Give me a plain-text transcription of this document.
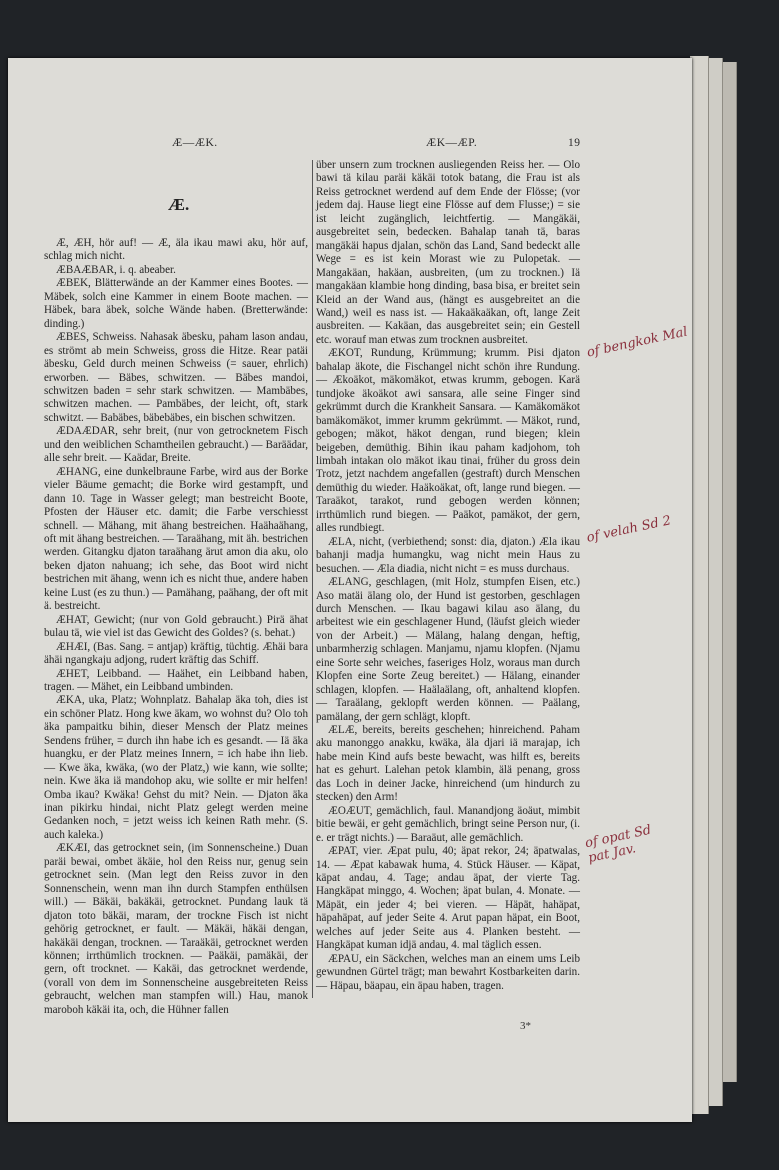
Æ—ÆK.	ÆK—ÆP.	19
Æ.

Æ, ÆH, hör auf! — Æ, äla ikau mawi aku, hör auf, schlag mich nicht.

ÆBAÆBAR, i. q. abeaber.

ÆBEK, Blätterwände an der Kammer eines Bootes. — Mäbek, solch eine Kammer in einem Boote machen. — Häbek, bara äbek, solche Wände haben. (Bretterwände: dinding.)

ÆBES, Schweiss. Nahasak äbesku, paham lason andau, es strömt ab mein Schweiss, gross die Hitze. Rear patäi äbesku, Geld durch meinen Schweiss (= sauer, ehrlich) erworben. — Bäbes, schwitzen. — Bäbes mandoi, schwitzen baden = sehr stark schwitzen. — Mambäbes, schwitzen machen. — Pambäbes, der leicht, oft, stark schwitzt. — Babäbes, bäbebäbes, ein bischen schwitzen.

ÆDAÆDAR, sehr breit, (nur von getrocknetem Fisch und den weiblichen Schamtheilen gebraucht.) — Baräädar, alle sehr breit. — Kaädar, Breite.

ÆHANG, eine dunkelbraune Farbe, wird aus der Borke vieler Bäume gemacht; die Borke wird gestampft, und dann 10. Tage in Wasser gelegt; man bestreicht Boote, Pfosten der Häuser etc. damit; die Farbe verschiesst schnell. — Mähang, mit ähang bestreichen. Haähaähang, oft mit ähang bestreichen. — Taraähang, mit äh. bestrichen werden. Gitangku djaton taraähang ärut amon dia aku, olo beken djaton nahuang; ich sehe, das Boot wird nicht bestrichen mit ähang, wenn ich es nicht thue, andere haben keine Lust (es zu thun.) — Pamähang, paähang, der oft mit ä. bestreicht.

ÆHAT, Gewicht; (nur von Gold gebraucht.) Pirä ähat bulau tä, wie viel ist das Gewicht des Goldes? (s. behat.)

ÆHÆI, (Bas. Sang. = antjap) kräftig, tüchtig. Æhäi bara ähäi ngangkaju adjong, rudert kräftig das Schiff.

ÆHET, Leibband. — Haähet, ein Leibband haben, tragen. — Mähet, ein Leibband umbinden.

ÆKA, uka, Platz; Wohnplatz. Bahalap äka toh, dies ist ein schöner Platz. Hong kwe äkam, wo wohnst du? Olo toh äka pampaitku bihin, dieser Mensch der Platz meines Sendens früher, = durch ihn habe ich es gesandt. — Iä äka huangku, er der Platz meines Innern, = ich habe ihn lieb. — Kwe äka, kwäka, (wo der Platz,) wie kann, wie sollte; nein. Kwe äka iä mandohop aku, wie sollte er mir helfen! Omba ikau? Kwäka! Gehst du mit? Nein. — Djaton äka inan pikirku hindai, nicht Platz gelegt werden meine Gedanken noch, = jetzt weiss ich keinen Rath mehr. (S. auch kaleka.)

ÆKÆI, das getrocknet sein, (im Sonnenscheine.) Duan paräi bewai, ombet äkäie, hol den Reiss nur, genug sein getrocknet sein. (Man legt den Reiss zuvor in den Sonnenschein, wenn man ihn durch Stampfen enthülsen will.) — Bäkäi, bakäkäi, getrocknet. Pundang lauk tä djaton toto bäkäi, maram, der trockne Fisch ist nicht gehörig getrocknet, er fault. — Mäkäi, häkäi dengan, hakäkäi dengan, trocknen. — Taraäkäi, getrocknet werden können; irrthümlich trocknen. — Paäkäi, pamäkäi, der gern, oft trocknet. — Kakäi, das getrocknet werdende, (vorall von dem im Sonnenscheine ausgebreiteten Reiss gebraucht, welchen man stampfen will.) Hau, manok maroboh käkäi ita, och, die Hühner fallen

über unsern zum trocknen ausliegenden Reiss her. — Olo bawi tä kilau paräi käkäi totok batang, die Frau ist als Reiss getrocknet werdend auf dem Ende der Flösse; (vor jedem daj. Hause liegt eine Flösse auf dem Flusse;) = sie ist leicht zugänglich, leichtfertig. — Mangäkäi, ausgebreitet sein, bedecken. Bahalap tanah tä, baras mangäkäi hapus djalan, schön das Land, Sand bedeckt alle Wege = es ist kein Morast wie zu Pulopetak. — Mangakäan, hakäan, ausbreiten, (um zu trocknen.) Iä mangakäan klambie hong dinding, basa bisa, er breitet sein Kleid an der Wand aus, (hängt es ausgebreitet an die Wand,) weil es nass ist. — Hakaäkaäkan, oft, lange Zeit ausbreiten. — Kakäan, das ausgebreitet sein; ein Gestell etc. worauf man etwas zum trocknen ausbreitet.

ÆKOT, Rundung, Krümmung; krumm. Pisi djaton bahalap äkote, die Fischangel nicht schön ihre Rundung. — Ækoäkot, mäkomäkot, etwas krumm, gebogen. Karä tundjoke äkoäkot awi sansara, alle seine Finger sind gekrümmt durch die Krankheit Sansara. — Kamäkomäkot bamäkomäkot, immer krumm gekrümmt. — Mäkot, rund, gebogen; mäkot, häkot dengan, rund biegen; klein beigeben, demüthig. Bihin ikau paham kadjohom, toh limbah intakan olo mäkot ikau tinai, früher du gross dein Trotz, jetzt nachdem angefallen (gestraft) durch Menschen demüthig du wieder. Haäkoäkat, oft, lange rund biegen. — Taraäkot, tarakot, rund gebogen werden können; irrthümlich rund biegen. — Paäkot, pamäkot, der gern, alles rundbiegt.

ÆLA, nicht, (verbiethend; sonst: dia, djaton.) Æla ikau bahanji madja humangku, wag nicht mein Haus zu besuchen. — Æla diadia, nicht nicht = es muss durchaus.

ÆLANG, geschlagen, (mit Holz, stumpfen Eisen, etc.) Aso matäi älang olo, der Hund ist gestorben, geschlagen durch Menschen. — Ikau bagawi kilau aso älang, du arbeitest wie ein geschlagener Hund, (läufst gleich wieder von der Arbeit.) — Mälang, halang dengan, heftig, unbarmherzig schlagen. Manjamu, njamu klopfen. (Njamu eine Sorte sehr weiches, faseriges Holz, woraus man durch Klopfen eine Sorte Zeug bereitet.) — Hälang, einander schlagen, klopfen. — Haälaälang, oft, anhaltend klopfen. — Taraälang, geklopft werden können. — Paälang, pamälang, der gern schlägt, klopft.

ÆLÆ, bereits, bereits geschehen; hinreichend. Paham aku manonggo anakku, kwäka, äla djari iä marajap, ich habe mein Kind aufs beste bewacht, was hilft es, bereits hat es gehurt. Lalehan petok klambin, älä penang, gross das Loch in deiner Jacke, hinreichend (um hindurch zu stecken) den Arm!

ÆOÆUT, gemächlich, faul. Manandjong äoäut, mimbit bitie bewäi, er geht gemächlich, bringt seine Person nur, (i. e. er trägt nichts.) — Baraäut, alle gemächlich.

ÆPAT, vier. Æpat pulu, 40; äpat rekor, 24; äpatwalas, 14. — Æpat kabawak huma, 4. Stück Häuser. — Käpat, käpat andau, 4. Tage; andau äpat, der vierte Tag. Hangkäpat minggo, 4. Wochen; äpat bulan, 4. Monate. — Mäpät, ein jeder 4; bei vieren. — Häpät, hahäpat, häpahäpat, auf jeder Seite 4. Arut papan häpat, ein Boot, welches auf jeder Seite aus 4. Planken besteht. — Hangkäpat kuman idjä andau, 4. mal täglich essen.

ÆPAU, ein Säckchen, welches man an einem ums Leib gewundnen Gürtel trägt; man bewahrt Kostbarkeiten darin. — Häpau, bäapau, ein äpau haben, tragen.

3*
of bengkok Mal
of velah Sd 2
of opat Sd pat Jav.
